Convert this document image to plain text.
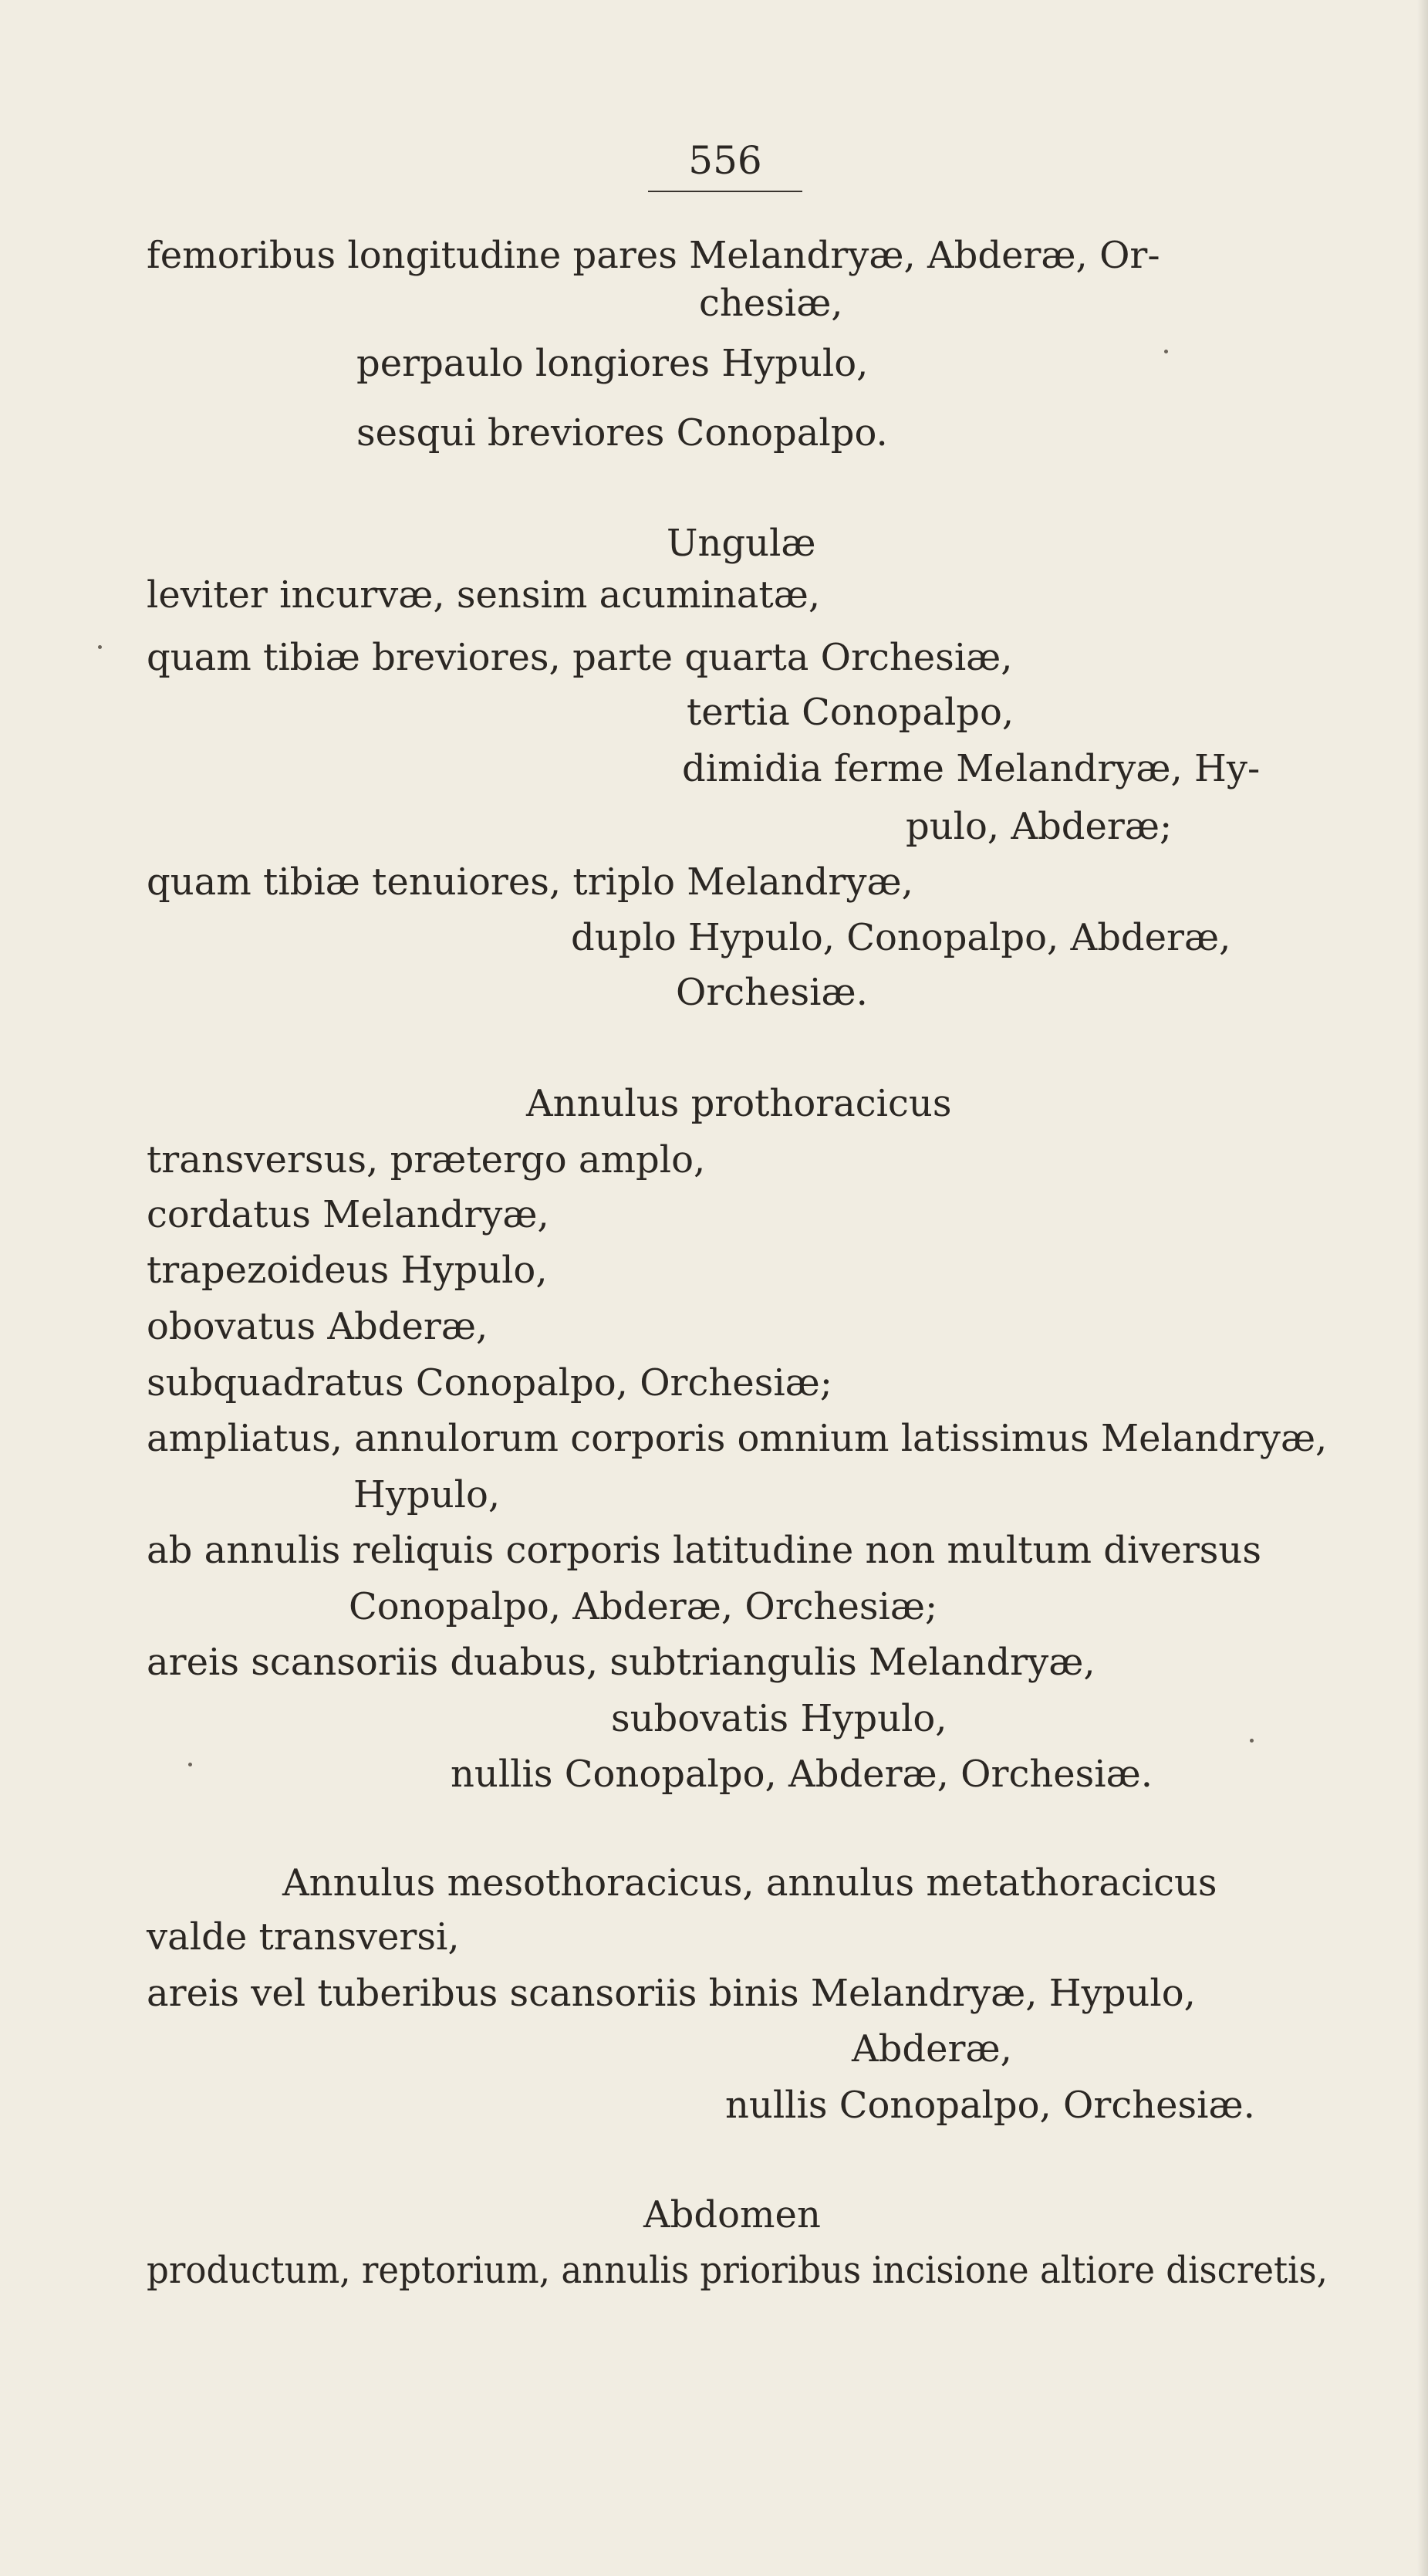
556
femoribus longitudine pares Melandryæ, Abderæ, Or-
chesiæ,
perpaulo longiores Hypulo,
sesqui breviores Conopalpo.
Ungulæ
leviter incurvæ, sensim acuminatæ,
quam tibiæ breviores, parte quarta Orchesiæ,
tertia Conopalpo,
dimidia ferme Melandryæ, Hy-
pulo, Abderæ;
quam tibiæ tenuiores, triplo Melandryæ,
duplo Hypulo, Conopalpo, Abderæ,
Orchesiæ.
Annulus prothoracicus
transversus, prætergo amplo,
cordatus Melandryæ,
trapezoideus Hypulo,
obovatus Abderæ,
subquadratus Conopalpo, Orchesiæ;
ampliatus, annulorum corporis omnium latissimus Melandryæ,
Hypulo,
ab annulis reliquis corporis latitudine non multum diversus
Conopalpo, Abderæ, Orchesiæ;
areis scansoriis duabus, subtriangulis Melandryæ,
subovatis Hypulo,
nullis Conopalpo, Abderæ, Orchesiæ.
Annulus mesothoracicus, annulus metathoracicus
valde transversi,
areis vel tuberibus scansoriis binis Melandryæ, Hypulo,
Abderæ,
nullis Conopalpo, Orchesiæ.
Abdomen
productum, reptorium, annulis prioribus incisione altiore discretis,
